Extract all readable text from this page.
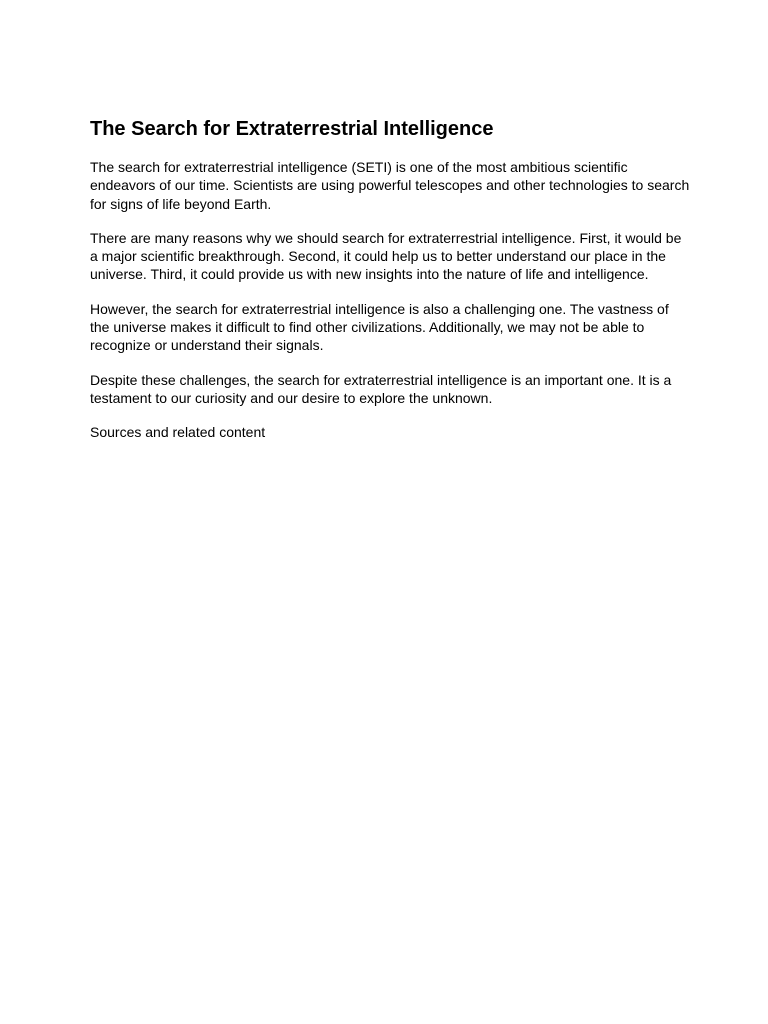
The Search for Extraterrestrial Intelligence

The search for extraterrestrial intelligence (SETI) is one of the most ambitious scientific endeavors of our time. Scientists are using powerful telescopes and other technologies to search for signs of life beyond Earth.

There are many reasons why we should search for extraterrestrial intelligence. First, it would be a major scientific breakthrough. Second, it could help us to better understand our place in the universe. Third, it could provide us with new insights into the nature of life and intelligence.

However, the search for extraterrestrial intelligence is also a challenging one. The vastness of the universe makes it difficult to find other civilizations. Additionally, we may not be able to recognize or understand their signals.

Despite these challenges, the search for extraterrestrial intelligence is an important one. It is a testament to our curiosity and our desire to explore the unknown.

Sources and related content
